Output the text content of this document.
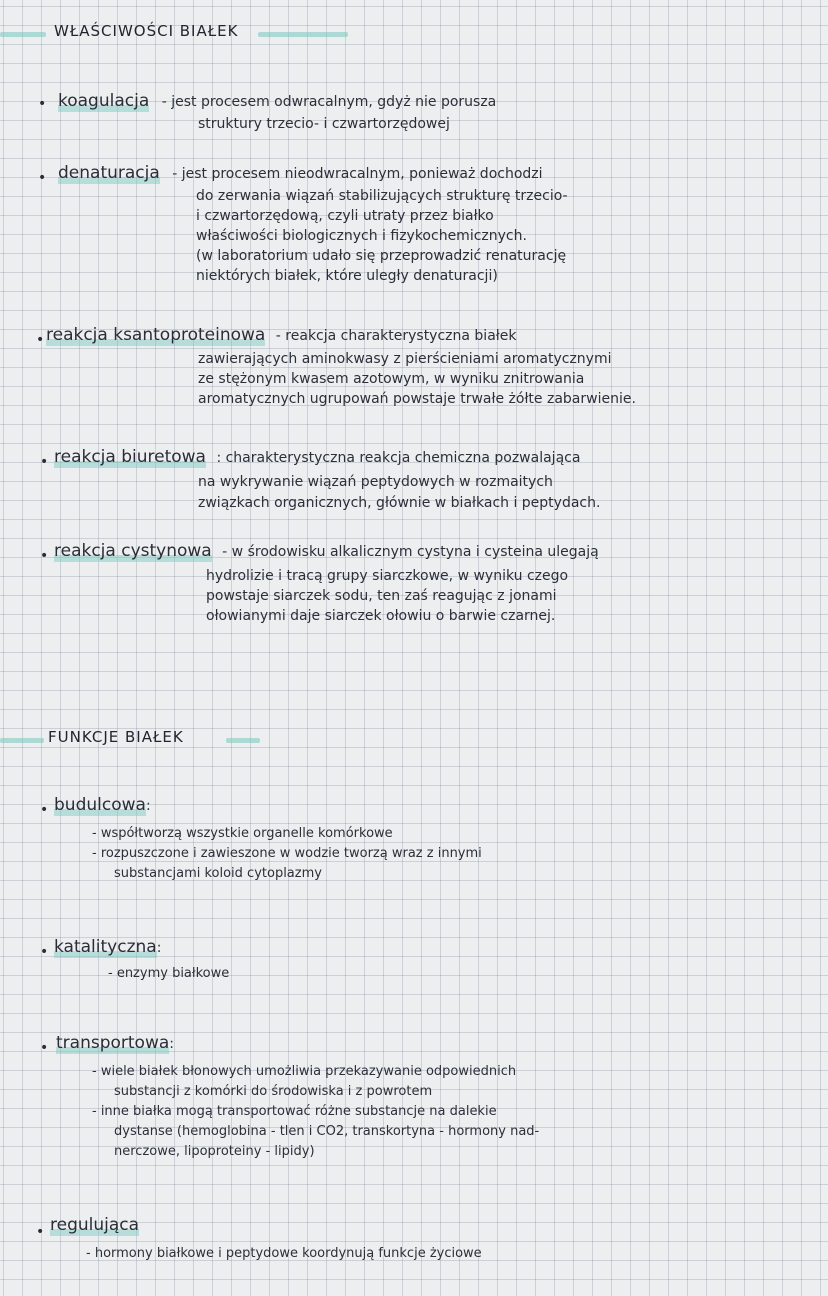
WŁAŚCIWOŚCI BIAŁEK
• koagulacja - jest procesem odwracalnym, gdyż nie porusza
struktury trzecio- i czwartorzędowej
• denaturacja - jest procesem nieodwracalnym, ponieważ dochodzi
do zerwania wiązań stabilizujących strukturę trzecio-
i czwartorzędową, czyli utraty przez białko
właściwości biologicznych i fizykochemicznych.
(w laboratorium udało się przeprowadzić renaturację
niektórych białek, które uległy denaturacji)
• reakcja ksantoproteinowa - reakcja charakterystyczna białek
zawierających aminokwasy z pierścieniami aromatycznymi
ze stężonym kwasem azotowym, w wyniku znitrowania
aromatycznych ugrupowań powstaje trwałe żółte zabarwienie.
• reakcja biuretowa : charakterystyczna reakcja chemiczna pozwalająca
na wykrywanie wiązań peptydowych w rozmaitych
związkach organicznych, głównie w białkach i peptydach.
• reakcja cystynowa - w środowisku alkalicznym cystyna i cysteina ulegają
hydrolizie i tracą grupy siarczkowe, w wyniku czego
powstaje siarczek sodu, ten zaś reagując z jonami
ołowianymi daje siarczek ołowiu o barwie czarnej.
FUNKCJE BIAŁEK
• budulcowa:
- współtworzą wszystkie organelle komórkowe
- rozpuszczone i zawieszone w wodzie tworzą wraz z innymi
substancjami koloid cytoplazmy
• katalityczna:
- enzymy białkowe
• transportowa:
- wiele białek błonowych umożliwia przekazywanie odpowiednich
substancji z komórki do środowiska i z powrotem
- inne białka mogą transportować różne substancje na dalekie
dystanse (hemoglobina - tlen i CO2, transkortyna - hormony nad-
nerczowe, lipoproteiny - lipidy)
• regulująca
- hormony białkowe i peptydowe koordynują funkcje życiowe
